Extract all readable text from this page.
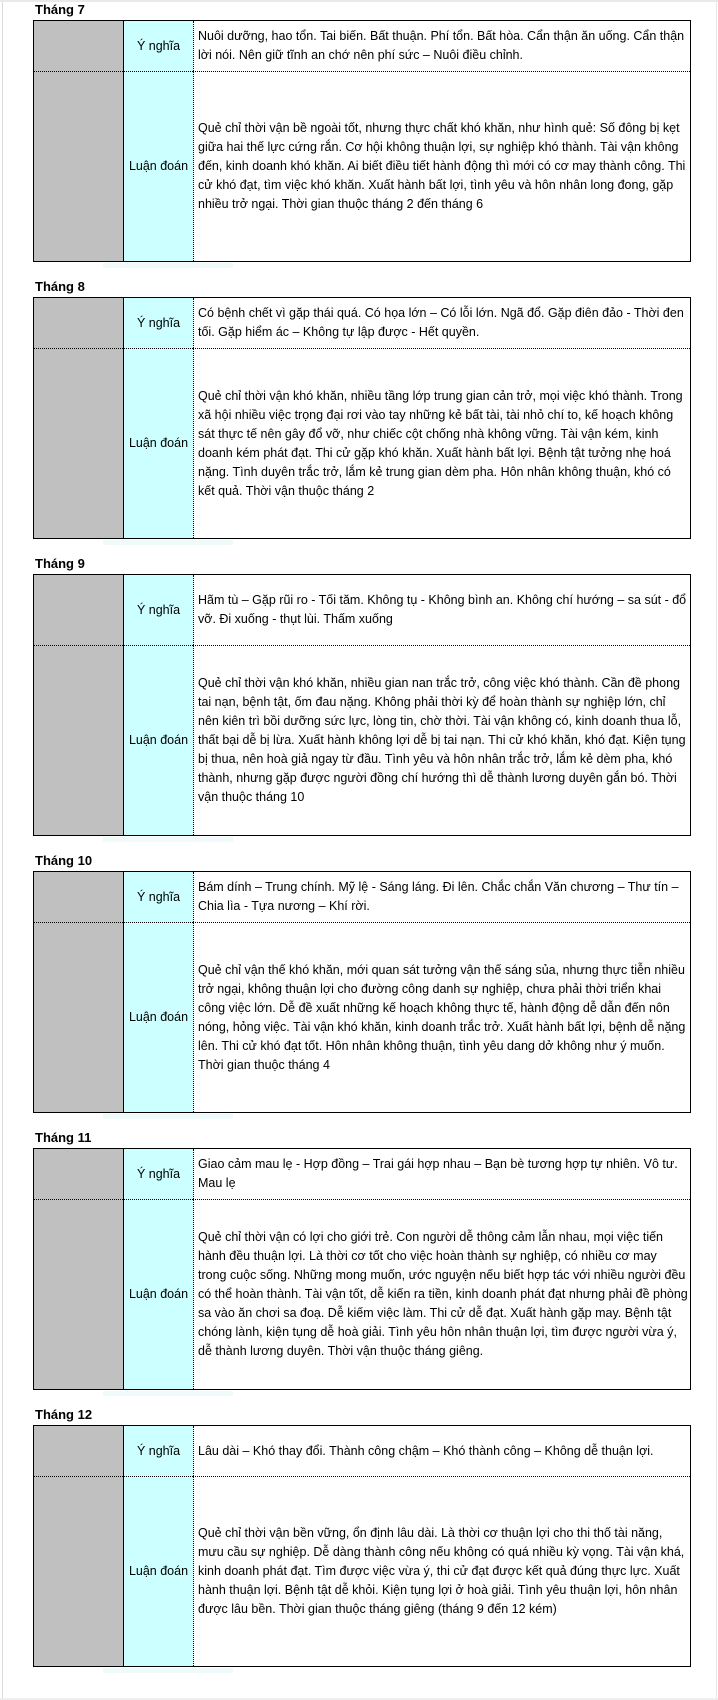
Tháng 7
Ý nghĩa
Nuôi dưỡng, hao tổn. Tai biến. Bất thuận. Phí tổn. Bất hòa. Cẩn thận ăn uống. Cẩn thận lời nói. Nên giữ tĩnh an chớ nên phí sức – Nuôi điều chỉnh.
Luận đoán
Quẻ chỉ thời vận bề ngoài tốt, nhưng thực chất khó khăn, như hình quẻ: Số đông bị kẹt giữa hai thế lực cứng rắn. Cơ hội không thuận lợi, sự nghiệp khó thành. Tài vận không đến, kinh doanh khó khăn. Ai biết điều tiết hành động thì mới có cơ may thành công. Thi cử khó đạt, tìm việc khó khăn. Xuất hành bất lợi, tình yêu và hôn nhân long đong, gặp nhiều trở ngại. Thời gian thuộc tháng 2 đến tháng 6
Tháng 8
Ý nghĩa
Có bệnh chết vì gặp thái quá. Có họa lớn – Có lỗi lớn. Ngã đổ. Gặp điên đảo - Thời đen tối. Gặp hiểm ác – Không tự lập được - Hết quyền.
Luận đoán
Quẻ chỉ thời vận khó khăn, nhiều tầng lớp trung gian cản trở, mọi việc khó thành. Trong xã hội nhiều việc trọng đại rơi vào tay những kẻ bất tài, tài nhỏ chí to, kế hoạch không sát thực tế nên gây đổ vỡ, như chiếc cột chống nhà không vững. Tài vận kém, kinh doanh kém phát đạt. Thi cử gặp khó khăn. Xuất hành bất lợi. Bệnh tật tưởng nhẹ hoá nặng. Tình duyên trắc trở, lắm kẻ trung gian dèm pha. Hôn nhân không thuận, khó có kết quả. Thời vận thuộc tháng 2
Tháng 9
Ý nghĩa
Hãm tù – Gặp rũi ro - Tối tăm. Không tụ - Không bình an. Không chí hướng – sa sút - đổ vỡ. Đi xuống - thụt lùi. Thấm xuống
Luận đoán
Quẻ chỉ thời vận khó khăn, nhiều gian nan trắc trở, công việc khó thành. Cần đề phong tai nạn, bệnh tật, ốm đau nặng. Không phải thời kỳ để hoàn thành sự nghiệp lớn, chỉ nên kiên trì bồi dưỡng sức lực, lòng tin, chờ thời. Tài vận không có, kinh doanh thua lỗ, thất bại dễ bị lừa. Xuất hành không lợi dễ bị tai nạn. Thi cử khó khăn, khó đạt. Kiện tụng bị thua, nên hoà giả ngay từ đầu. Tình yêu và hôn nhân trắc trở, lắm kẻ dèm pha, khó thành, nhưng gặp được người đồng chí hướng thì dễ thành lương duyên gắn bó. Thời vận thuộc tháng 10
Tháng 10
Ý nghĩa
Bám dính – Trung chính. Mỹ lệ - Sáng láng. Đi lên. Chắc chắn Văn chương – Thư tín – Chia lìa - Tựa nương – Khí rời.
Luận đoán
Quẻ chỉ vận thế khó khăn, mới quan sát tưởng vận thế sáng sủa, nhưng thực tiễn nhiều trở ngại, không thuận lợi cho đường công danh sự nghiệp, chưa phải thời triển khai công việc lớn. Dễ đề xuất những kế hoạch không thực tế, hành động dễ dẫn đến nôn nóng, hỏng việc. Tài vận khó khăn, kinh doanh trắc trở. Xuất hành bất lợi, bệnh dễ nặng lên. Thi cử khó đạt tốt. Hôn nhân không thuận, tình yêu dang dở không như ý muốn. Thời gian thuộc tháng 4
Tháng 11
Ý nghĩa
Giao cảm mau lẹ - Hợp đồng – Trai gái hợp nhau – Bạn bè tương hợp tự nhiên. Vô tư. Mau lẹ
Luận đoán
Quẻ chỉ thời vận có lợi cho giới trẻ. Con người dễ thông cảm lẫn nhau, mọi việc tiến hành đều thuận lợi. Là thời cơ tốt cho việc hoàn thành sự nghiệp, có nhiều cơ may trong cuộc sống. Những mong muốn, ước nguyện nếu biết hợp tác với nhiều người đều có thể hoàn thành. Tài vận tốt, dễ kiến ra tiền, kinh doanh phát đạt nhưng phải đề phòng sa vào ăn chơi sa đoạ. Dễ kiếm việc làm. Thi cử dễ đạt. Xuất hành gặp may. Bệnh tật chóng lành, kiện tụng dễ hoà giải. Tình yêu hôn nhân thuận lợi, tìm được người vừa ý, dễ thành lương duyên. Thời vận thuộc tháng giêng.
Tháng 12
Ý nghĩa Lâu dài – Khó thay đổi. Thành công chậm – Khó thành công – Không dễ thuận lợi.
Luận đoán
Quẻ chỉ thời vận bền vững, ổn định lâu dài. Là thời cơ thuận lợi cho thi thố tài năng, mưu cầu sự nghiệp. Dễ dàng thành công nếu không có quá nhiều kỳ vọng. Tài vận khá, kinh doanh phát đạt. Tìm được việc vừa ý, thi cử đạt được kết quả đúng thực lực. Xuất hành thuận lợi. Bệnh tật dễ khỏi. Kiện tụng lợi ở hoà giải. Tình yêu thuận lợi, hôn nhân được lâu bền. Thời gian thuộc tháng giêng (tháng 9 đến 12 kém)
